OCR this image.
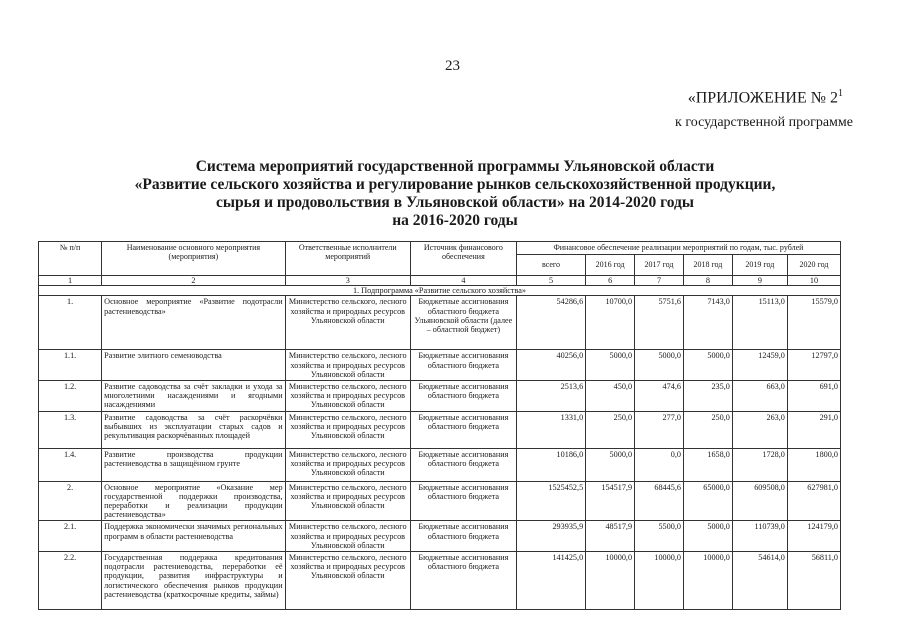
23
«ПРИЛОЖЕНИЕ № $2^1$
к государственной программе
Система мероприятий государственной программы Ульяновской области
«Развитие сельского хозяйства и регулирование рынков сельскохозяйственной продукции,
сырья и продовольствия в Ульяновской области» на 2014-2020 годы
на 2016-2020 годы
№ п/п	Наименование основного мероприятия (мероприятия)	Ответственные исполнители мероприятий	Источник финансового обеспечения	Финансовое обеспечение реализации мероприятий по годам, тыс. рублей					
				всего	2016 год	2017 год	2018 год	2019 год	2020 год
1	2	3	4	5	6	7	8	9	10
1. Подпрограмма «Развитие сельского хозяйства»									
1.	Основное мероприятие «Развитие подотрасли растениеводства»	Министерство сельского, лесного хозяйства и природных ресурсов Ульяновской области	Бюджетные ассигнования областного бюджета Ульяновской области (далее – областной бюджет)	54286,6	10700,0	5751,6	7143,0	15113,0	15579,0
1.1.	Развитие элитного семеноводства	Министерство сельского, лесного хозяйства и природных ресурсов Ульяновской области	Бюджетные ассигнования областного бюджета	40256,0	5000,0	5000,0	5000,0	12459,0	12797,0
1.2.	Развитие садоводства за счёт закладки и ухода за многолетними насаждениями и ягодными насаждениями	Министерство сельского, лесного хозяйства и природных ресурсов Ульяновской области	Бюджетные ассигнования областного бюджета	2513,6	450,0	474,6	235,0	663,0	691,0
1.3.	Развитие садоводства за счёт раскорчёвки выбывших из эксплуатации старых садов и рекультивация раскорчёванных площадей	Министерство сельского, лесного хозяйства и природных ресурсов Ульяновской области	Бюджетные ассигнования областного бюджета	1331,0	250,0	277,0	250,0	263,0	291,0
1.4.	Развитие производства продукции растениеводства в защищённом грунте	Министерство сельского, лесного хозяйства и природных ресурсов Ульяновской области	Бюджетные ассигнования областного бюджета	10186,0	5000,0	0,0	1658,0	1728,0	1800,0
2.	Основное мероприятие «Оказание мер государственной поддержки производства, переработки и реализации продукции растениеводства»	Министерство сельского, лесного хозяйства и природных ресурсов Ульяновской области	Бюджетные ассигнования областного бюджета	1525452,5	154517,9	68445,6	65000,0	609508,0	627981,0
2.1.	Поддержка экономически значимых региональных программ в области растениеводства	Министерство сельского, лесного хозяйства и природных ресурсов Ульяновской области	Бюджетные ассигнования областного бюджета	293935,9	48517,9	5500,0	5000,0	110739,0	124179,0
2.2.	Государственная поддержка кредитования подотрасли растениеводства, переработки её продукции, развития инфраструктуры и логистического обеспечения рынков продукции растениеводства (краткосрочные кредиты, займы)	Министерство сельского, лесного хозяйства и природных ресурсов Ульяновской области	Бюджетные ассигнования областного бюджета	141425,0	10000,0	10000,0	10000,0	54614,0	56811,0
